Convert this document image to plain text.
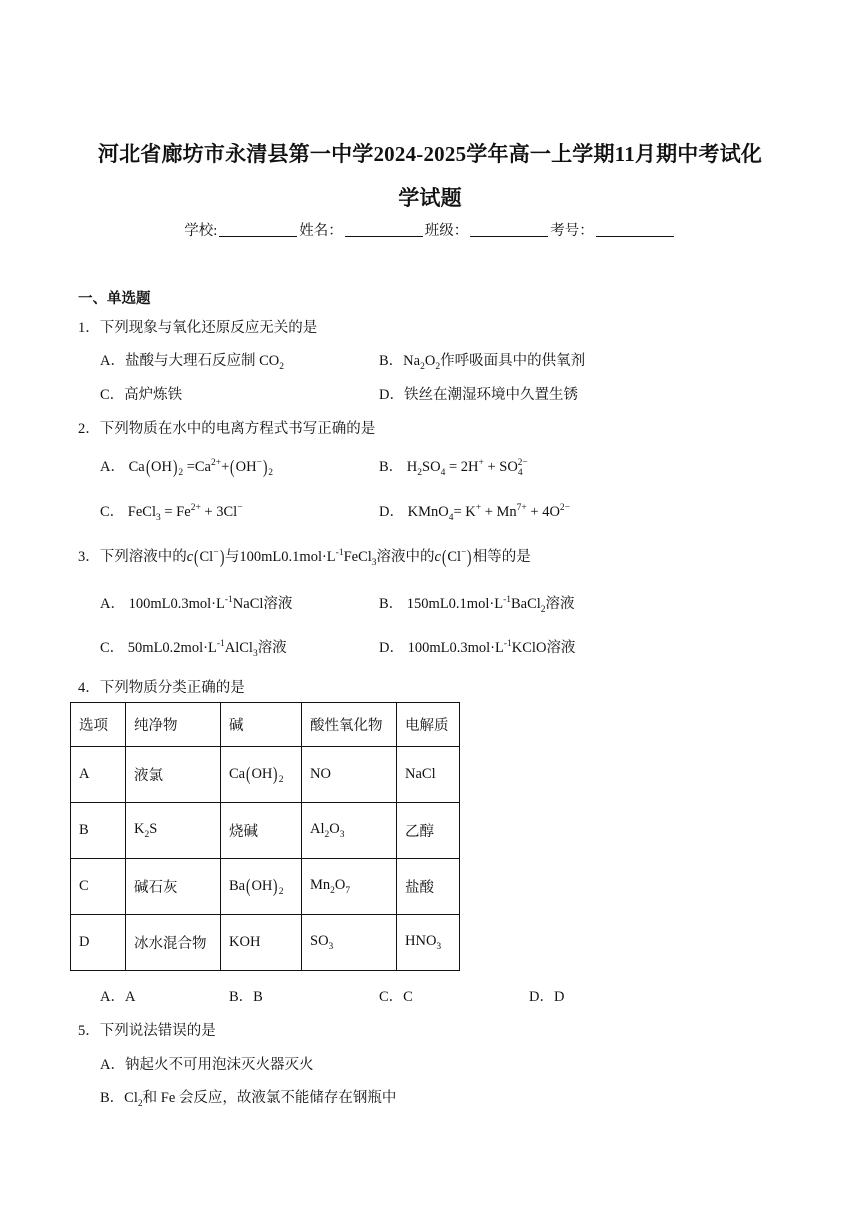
河北省廊坊市永清县第一中学2024-2025学年高一上学期11月期中考试化
学试题
学校:	姓名：	班级：	考号：
一、单选题
1．下列现象与氧化还原反应无关的是
A．盐酸与大理石反应制 $CO_2$	B．$Na_2O_2$作呼吸面具中的供氧剂
C．高炉炼铁	D．铁丝在潮湿环境中久置生锈
2．下列物质在水中的电离方程式书写正确的是
A． $Ca(OH)_2 =Ca^{2+}+(OH^-)_2$	B． $H_2SO_4 = 2H^+ + SO_4^{2-}$
C． FeCl$_3$ = $Fe^{2+} + 3Cl^-$	D． KMnO$_4$= $K^+ + Mn^{7+} + 4O^{2-}$
3．下列溶液中的c(Cl−)与$100mL0.1mol\cdot L^{-1}FeCl_3$溶液中的c(Cl−)相等的是
A． $100mL0.3mol\cdot L^{-1}NaCl$溶液	B． $150mL0.1mol\cdot L^{-1}BaCl_2$溶液
C． $50mL0.2mol\cdot L^{-1}AlCl_3$溶液	D． $100mL0.3mol\cdot L^{-1}KClO$溶液
4．下列物质分类正确的是
选项	纯净物	碱	酸性氧化物	电解质
A	液氯	$Ca(OH)_2$	NO	NaCl
B	$K_2S$	烧碱	$Al_2O_3$	乙醇
C	碱石灰	$Ba(OH)_2$	$Mn_2O_7$	盐酸
D	冰水混合物	KOH	$SO_3$	$HNO_3$
A．A	B．B	C．C	D．D
5．下列说法错误的是
A．钠起火不可用泡沫灭火器灭火
B．$Cl_2$和 Fe 会反应，故液氯不能储存在钢瓶中
